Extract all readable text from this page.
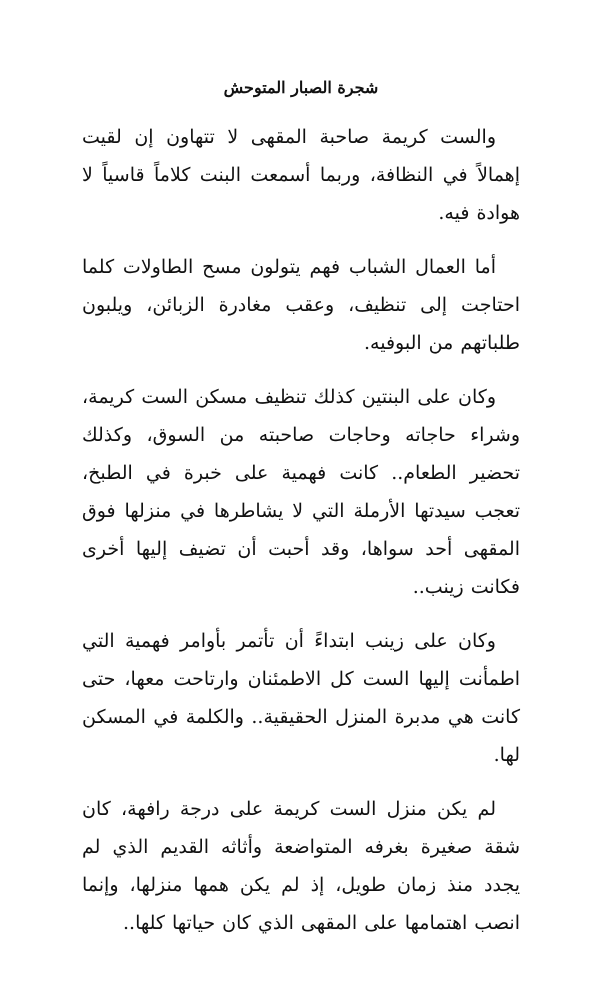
شجرة الصبار المتوحش

والست كريمة صاحبة المقهى لا تتهاون إن لقيت إهمالاً في النظافة، وربما أسمعت البنت كلاماً قاسياً لا هوادة فيه.

أما العمال الشباب فهم يتولون مسح الطاولات كلما احتاجت إلى تنظيف، وعقب مغادرة الزبائن، ويلبون طلباتهم من البوفيه.

وكان على البنتين كذلك تنظيف مسكن الست كريمة، وشراء حاجاته وحاجات صاحبته من السوق، وكذلك تحضير الطعام.. كانت فهمية على خبرة في الطبخ، تعجب سيدتها الأرملة التي لا يشاطرها في منزلها فوق المقهى أحد سواها، وقد أحبت أن تضيف إليها أخرى فكانت زينب..

وكان على زينب ابتداءً أن تأتمر بأوامر فهمية التي اطمأنت إليها الست كل الاطمئنان وارتاحت معها، حتى كانت هي مدبرة المنزل الحقيقية.. والكلمة في المسكن لها.

لم يكن منزل الست كريمة على درجة رافهة، كان شقة صغيرة بغرفه المتواضعة وأثاثه القديم الذي لم يجدد منذ زمان طويل، إذ لم يكن همها منزلها، وإنما انصب اهتمامها على المقهى الذي كان حياتها كلها..
